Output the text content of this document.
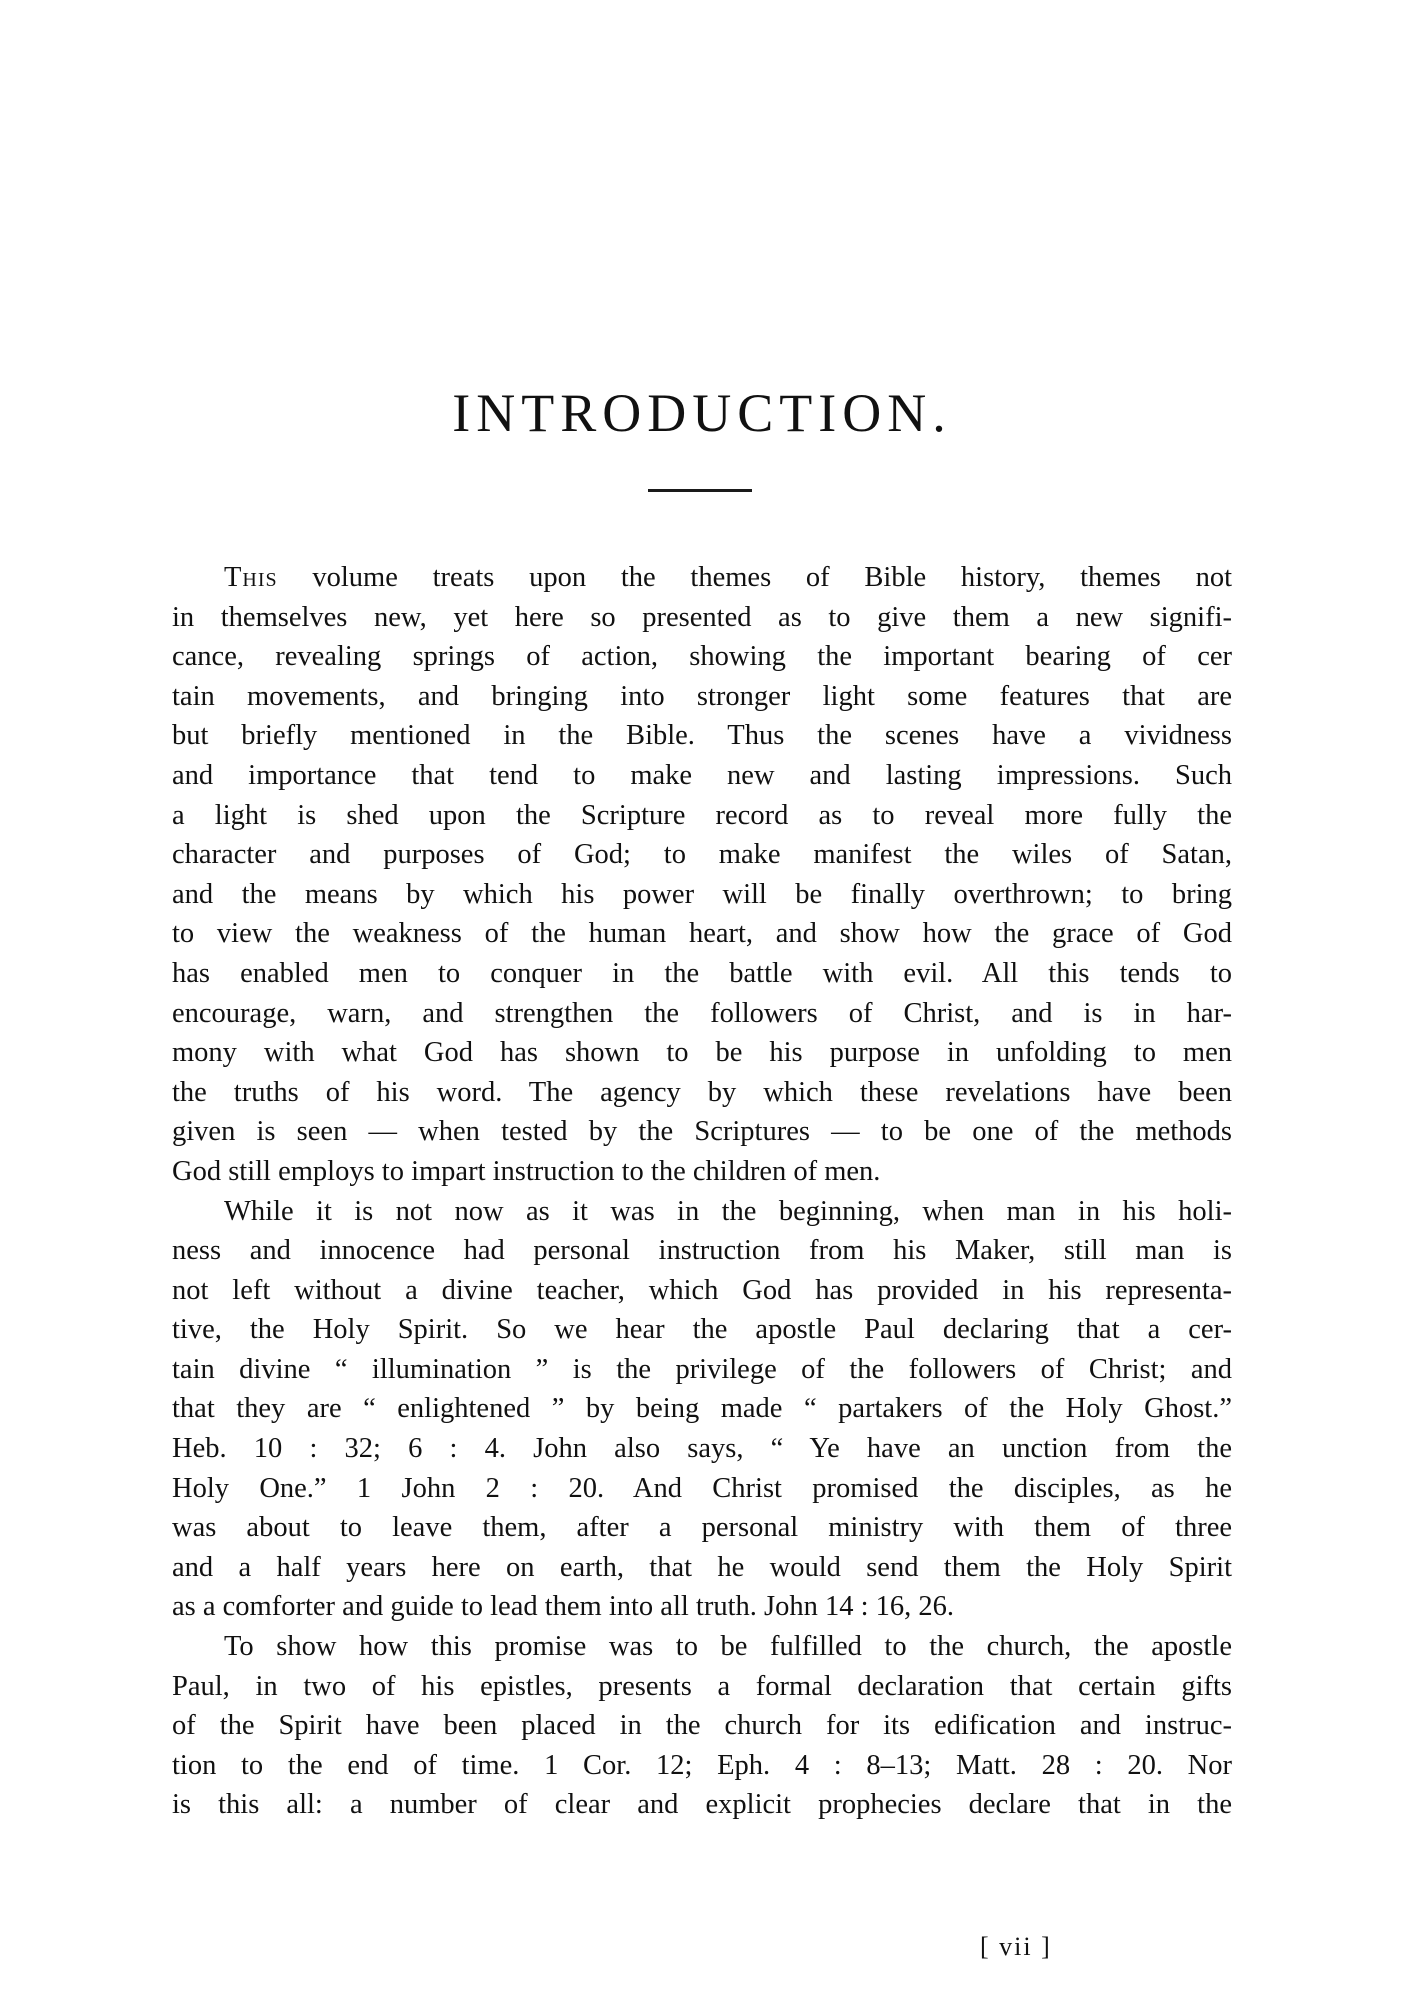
INTRODUCTION.
This volume treats upon the themes of Bible history, themes not
in themselves new, yet here so presented as to give them a new signifi-
cance, revealing springs of action, showing the important bearing of cer
tain movements, and bringing into stronger light some features that are
but briefly mentioned in the Bible. Thus the scenes have a vividness
and importance that tend to make new and lasting impressions. Such
a light is shed upon the Scripture record as to reveal more fully the
character and purposes of God; to make manifest the wiles of Satan,
and the means by which his power will be finally overthrown; to bring
to view the weakness of the human heart, and show how the grace of God
has enabled men to conquer in the battle with evil. All this tends to
encourage, warn, and strengthen the followers of Christ, and is in har-
mony with what God has shown to be his purpose in unfolding to men
the truths of his word. The agency by which these revelations have been
given is seen — when tested by the Scriptures — to be one of the methods
God still employs to impart instruction to the children of men.
While it is not now as it was in the beginning, when man in his holi-
ness and innocence had personal instruction from his Maker, still man is
not left without a divine teacher, which God has provided in his representa-
tive, the Holy Spirit. So we hear the apostle Paul declaring that a cer-
tain divine “ illumination ” is the privilege of the followers of Christ; and
that they are “ enlightened ” by being made “ partakers of the Holy Ghost.”
Heb. 10 : 32; 6 : 4. John also says, “ Ye have an unction from the
Holy One.” 1 John 2 : 20. And Christ promised the disciples, as he
was about to leave them, after a personal ministry with them of three
and a half years here on earth, that he would send them the Holy Spirit
as a comforter and guide to lead them into all truth. John 14 : 16, 26.
To show how this promise was to be fulfilled to the church, the apostle
Paul, in two of his epistles, presents a formal declaration that certain gifts
of the Spirit have been placed in the church for its edification and instruc-
tion to the end of time. 1 Cor. 12; Eph. 4 : 8–13; Matt. 28 : 20. Nor
is this all: a number of clear and explicit prophecies declare that in the
[ vii ]
